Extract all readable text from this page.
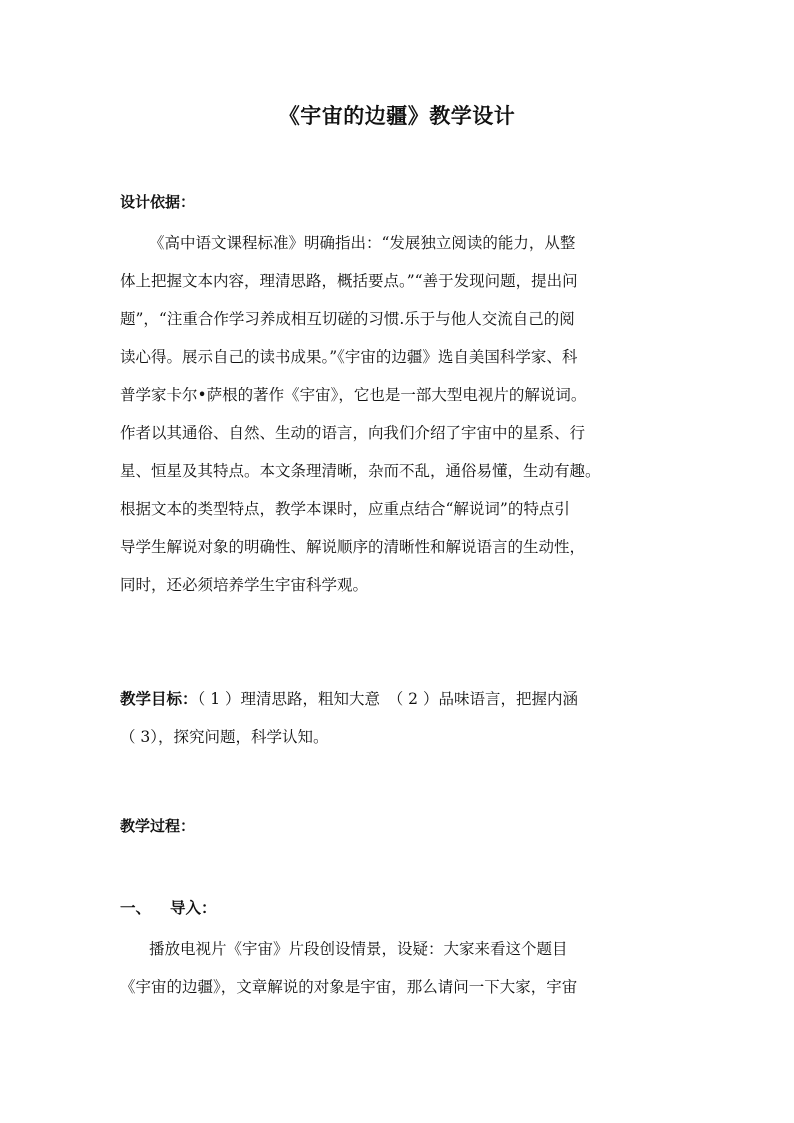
《宇宙的边疆》教学设计
设计依据：
《高中语文课程标准》明确指出：“发展独立阅读的能力，从整
体上把握文本内容，理清思路，概括要点。”“善于发现问题，提出问
题”，“注重合作学习养成相互切磋的习惯.乐于与他人交流自己的阅
读心得。展示自己的读书成果。”《宇宙的边疆》选自美国科学家、科
普学家卡尔•萨根的著作《宇宙》，它也是一部大型电视片的解说词。
作者以其通俗、自然、生动的语言，向我们介绍了宇宙中的星系、行
星、恒星及其特点。本文条理清晰，杂而不乱，通俗易懂，生动有趣。
根据文本的类型特点，教学本课时，应重点结合“解说词”的特点引
导学生解说对象的明确性、解说顺序的清晰性和解说语言的生动性，
同时，还必须培养学生宇宙科学观。
教学目标：（ 1 ）理清思路，粗知大意　（ 2 ）品味语言，把握内涵
（ 3），探究问题，科学认知。
教学过程：
一、 导入：
播放电视片《宇宙》片段创设情景，设疑：大家来看这个题目
《宇宙的边疆》，文章解说的对象是宇宙，那么请问一下大家，宇宙
